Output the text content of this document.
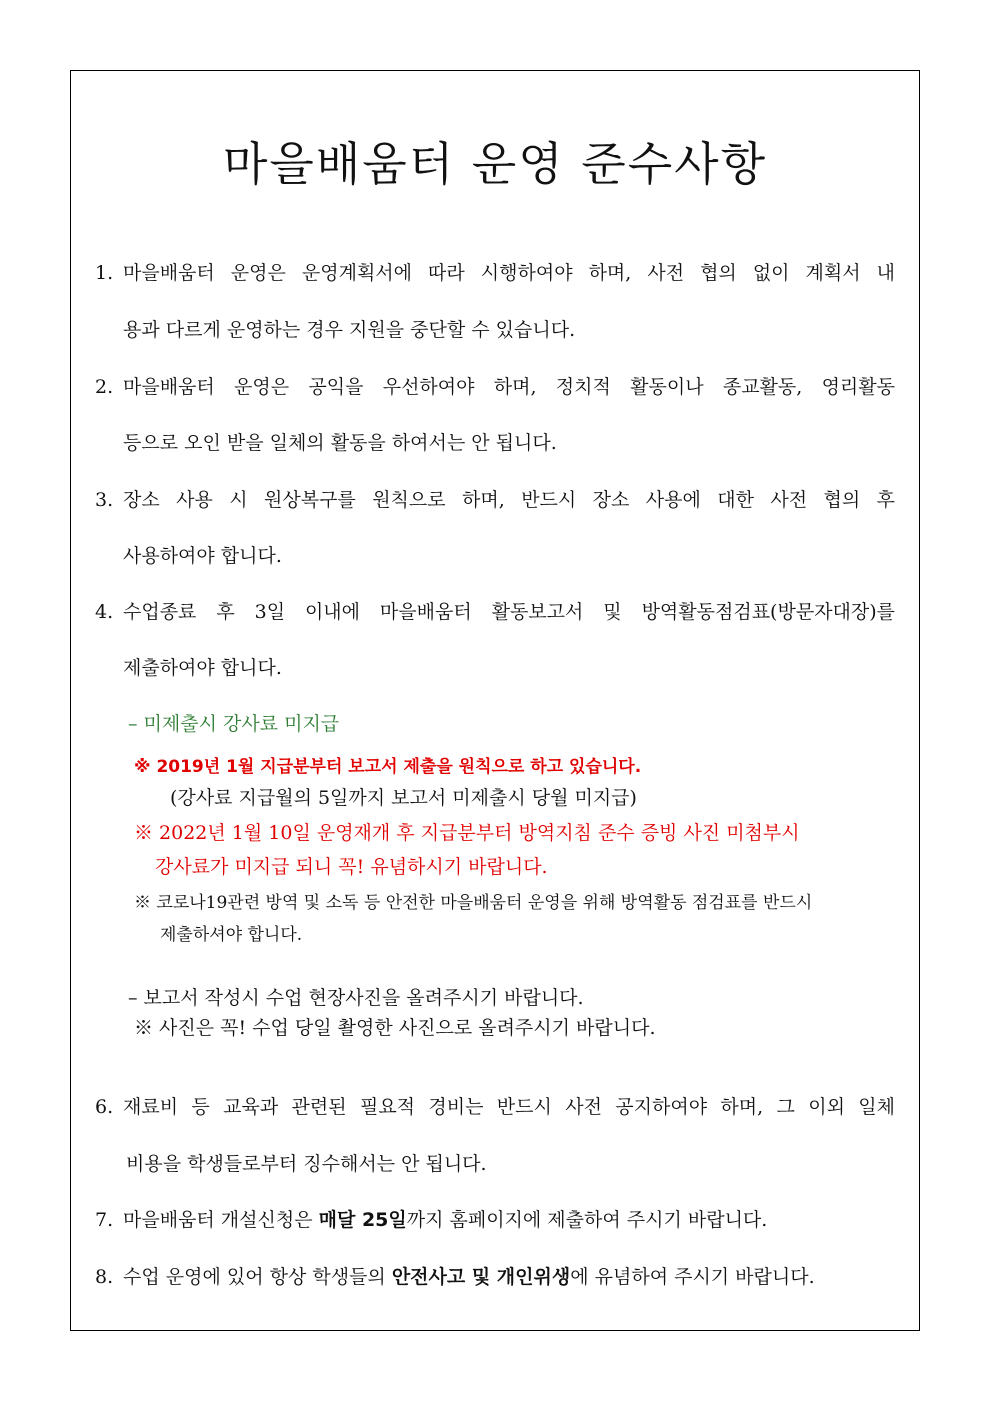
마을배움터 운영 준수사항
1. 마을배움터 운영은 운영계획서에 따라 시행하여야 하며, 사전 협의 없이 계획서 내
용과 다르게 운영하는 경우 지원을 중단할 수 있습니다.
2. 마을배움터 운영은 공익을 우선하여야 하며, 정치적 활동이나 종교활동, 영리활동
등으로 오인 받을 일체의 활동을 하여서는 안 됩니다.
3. 장소 사용 시 원상복구를 원칙으로 하며, 반드시 장소 사용에 대한 사전 협의 후
사용하여야 합니다.
4. 수업종료 후 3일 이내에 마을배움터 활동보고서 및 방역활동점검표(방문자대장)를
제출하여야 합니다.
– 미제출시 강사료 미지급
※ 2019년 1월 지급분부터 보고서 제출을 원칙으로 하고 있습니다.
(강사료 지급월의 5일까지 보고서 미제출시 당월 미지급)
※ 2022년 1월 10일 운영재개 후 지급분부터 방역지침 준수 증빙 사진 미첨부시
강사료가 미지급 되니 꼭! 유념하시기 바랍니다.
※ 코로나19관련 방역 및 소독 등 안전한 마을배움터 운영을 위해 방역활동 점검표를 반드시
제출하셔야 합니다.
– 보고서 작성시 수업 현장사진을 올려주시기 바랍니다.
※ 사진은 꼭! 수업 당일 촬영한 사진으로 올려주시기 바랍니다.
6. 재료비 등 교육과 관련된 필요적 경비는 반드시 사전 공지하여야 하며, 그 이외 일체
비용을 학생들로부터 징수해서는 안 됩니다.
7. 마을배움터 개설신청은 매달 25일까지 홈페이지에 제출하여 주시기 바랍니다.
8. 수업 운영에 있어 항상 학생들의 안전사고 및 개인위생에 유념하여 주시기 바랍니다.
